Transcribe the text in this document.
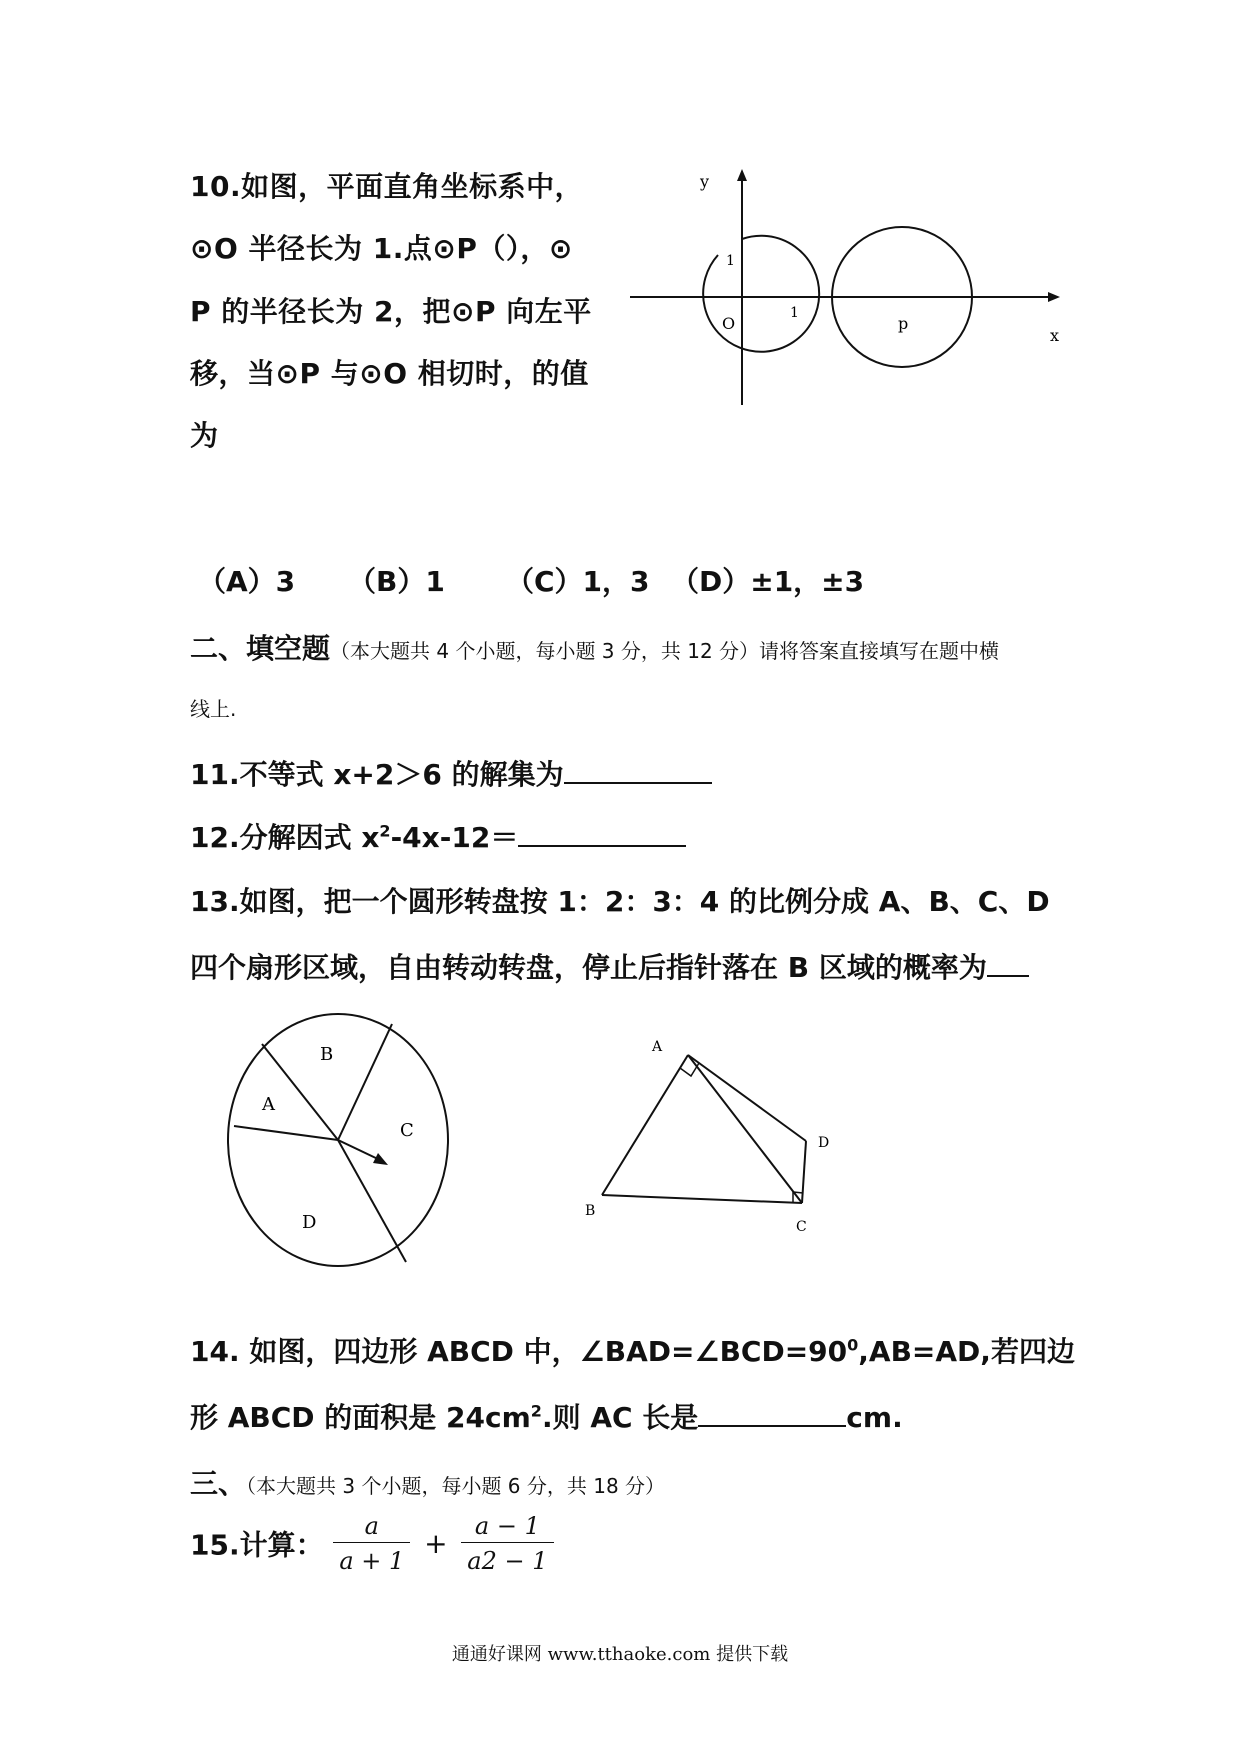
10.如图，平面直角坐标系中，
⊙O 半径长为 1.点⊙P（），⊙
P 的半径长为 2，把⊙P 向左平
移，当⊙P 与⊙O 相切时，的值
为
y
x
O	p
1
1
（A）3 （B）1 （C）1，3 （D）±1，±3
二、填空题（本大题共 4 个小题，每小题 3 分，共 12 分）请将答案直接填写在题中横
线上.
11.不等式 x+2＞6 的解集为
12.分解因式 $x^2-4x-12=$
13.如图，把一个圆形转盘按 1：2：3：4 的比例分成 A、B、C、D
四个扇形区域，自由转动转盘，停止后指针落在 B 区域的概率为
A
B
C
D
A
B
C
D
14. 如图，四边形 ABCD 中，$\angle BAD=\angle BCD=90^0,AB=AD$,若四边
形 ABCD 的面积是 $24cm^2$.则 AC 长是	cm.
三、（本大题共 3 个小题，每小题 6 分，共 18 分）
15.计算： $\frac{a}{a + 1} + \frac{a - 1}{a2 - 1}$
通通好课网 www.tthaoke.com 提供下载
